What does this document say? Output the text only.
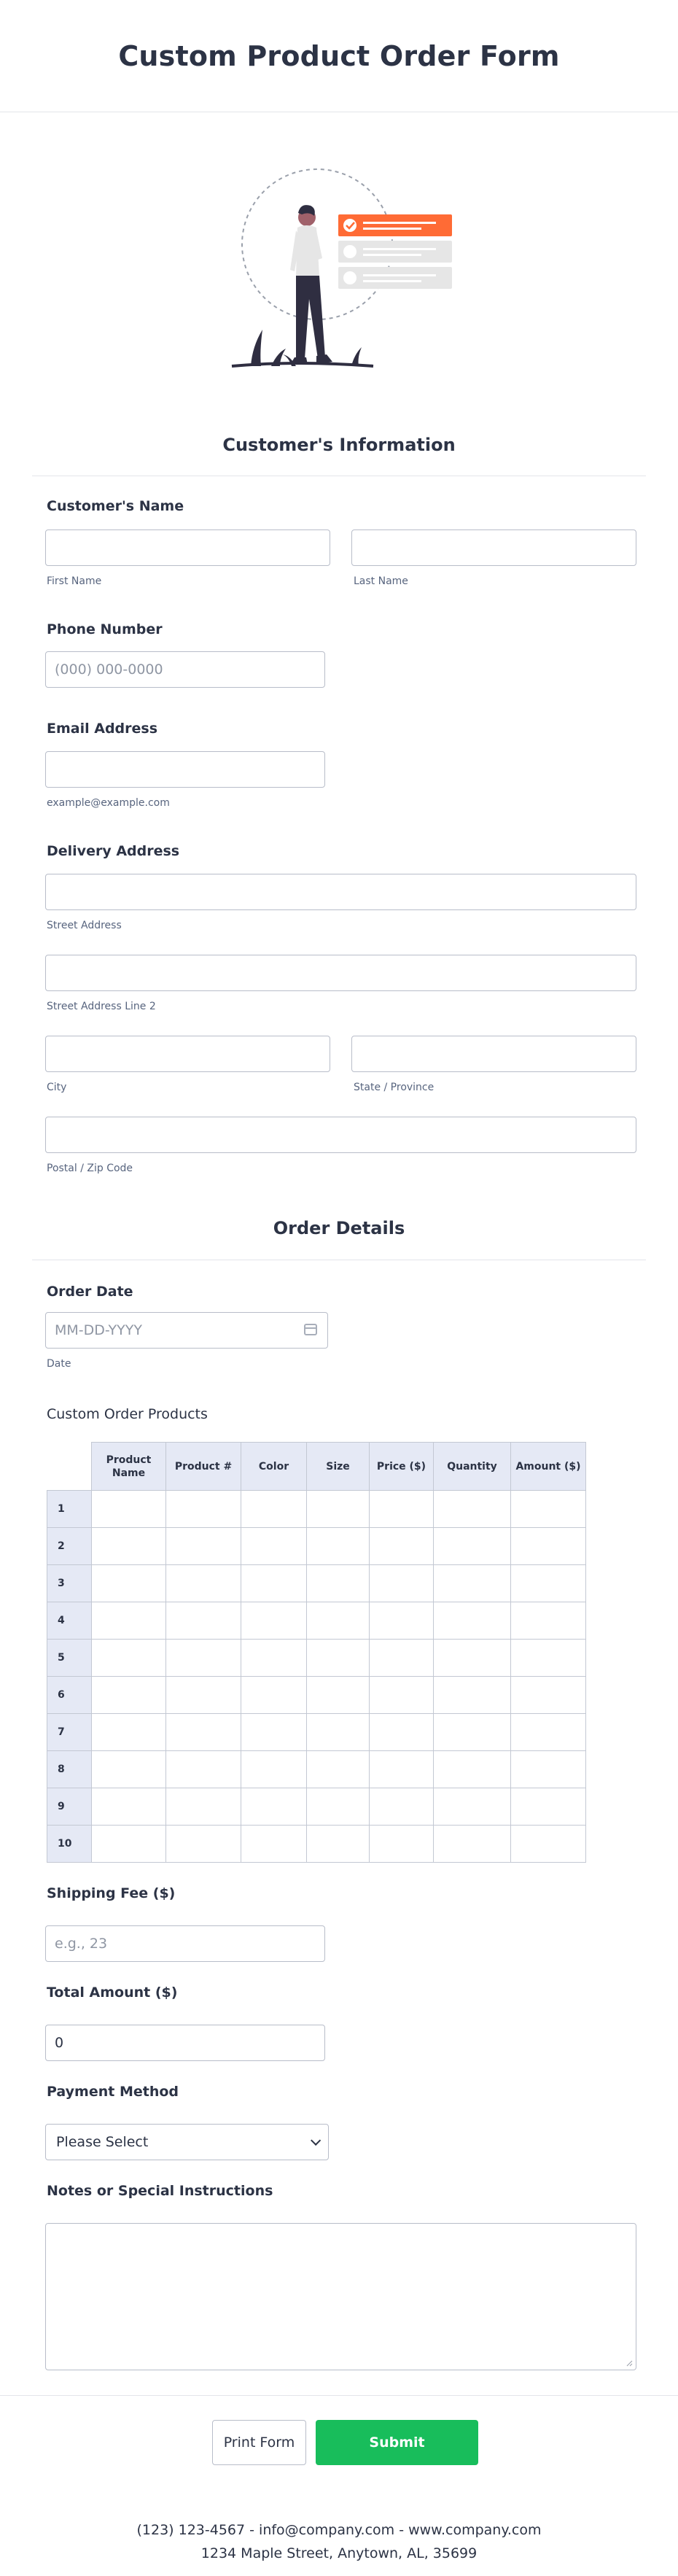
Custom Product Order Form
Customer's Information
Customer's Name
First Name	Last Name
Phone Number
(000) 000-0000
Email Address
example@example.com
Delivery Address
Street Address
Street Address Line 2
City	State / Province
Postal / Zip Code
Order Details
Order Date
MM-DD-YYYY
Date
Custom Order Products
	Product Name	Product #	Color	Size	Price ($)	Quantity	Amount ($)
1							
2							
3							
4							
5							
6							
7							
8							
9							
10							
Shipping Fee ($)
e.g., 23
Total Amount ($)
0
Payment Method
Please Select
Notes or Special Instructions
Print Form	Submit
(123) 123-4567 - info@company.com - www.company.com
1234 Maple Street, Anytown, AL, 35699
